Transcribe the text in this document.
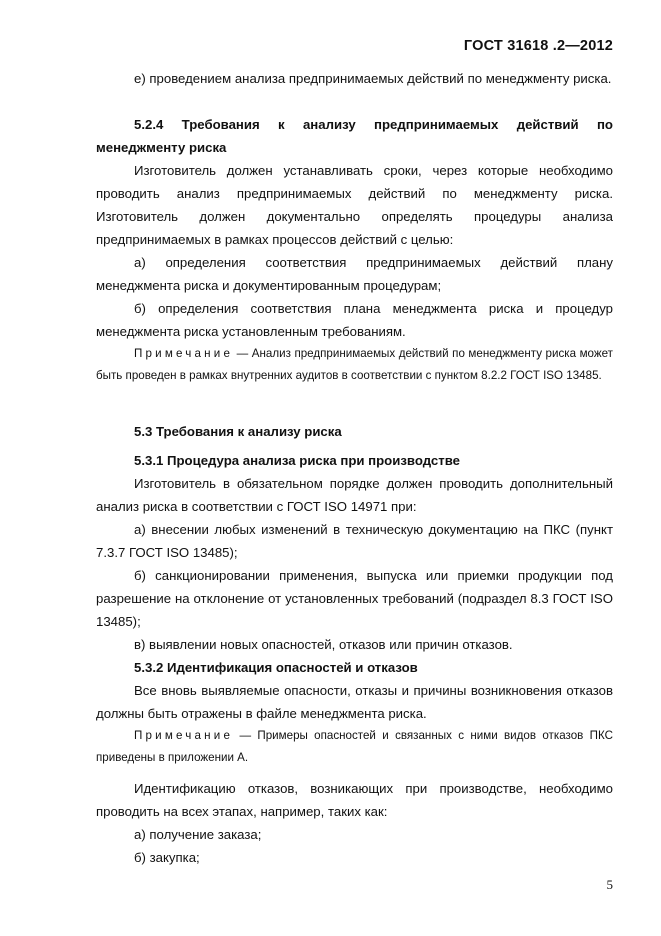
ГОСТ 31618 .2—2012

е) проведением анализа предпринимаемых действий по менеджменту риска.

5.2.4 Требования к анализу предпринимаемых действий по менеджменту риска

Изготовитель должен устанавливать сроки, через которые необходимо проводить анализ предпринимаемых действий по менеджменту риска. Изготовитель должен документально определять процедуры анализа предпринимаемых в рамках процессов действий с целью:

а) определения соответствия предпринимаемых действий плану менеджмента риска и документированным процедурам;

б) определения соответствия плана менеджмента риска и процедур менеджмента риска установленным требованиям.

Примечание — Анализ предпринимаемых действий по менеджменту риска может быть проведен в рамках внутренних аудитов в соответствии с пунктом 8.2.2 ГОСТ ISO 13485.

5.3 Требования к анализу риска

5.3.1 Процедура анализа риска при производстве

Изготовитель в обязательном порядке должен проводить дополнительный анализ риска в соответствии с ГОСТ ISO 14971 при:

а) внесении любых изменений в техническую документацию на ПКС (пункт 7.3.7 ГОСТ ISO 13485);

б) санкционировании применения, выпуска или приемки продукции под разрешение на отклонение от установленных требований (подраздел 8.3 ГОСТ ISO 13485);

в) выявлении новых опасностей, отказов или причин отказов.

5.3.2 Идентификация опасностей и отказов

Все вновь выявляемые опасности, отказы и причины возникновения отказов должны быть отражены в файле менеджмента риска.

Примечание — Примеры опасностей и связанных с ними видов отказов ПКС приведены в приложении А.

Идентификацию отказов, возникающих при производстве, необходимо проводить на всех этапах, например, таких как:

а) получение заказа;

б) закупка;

5
